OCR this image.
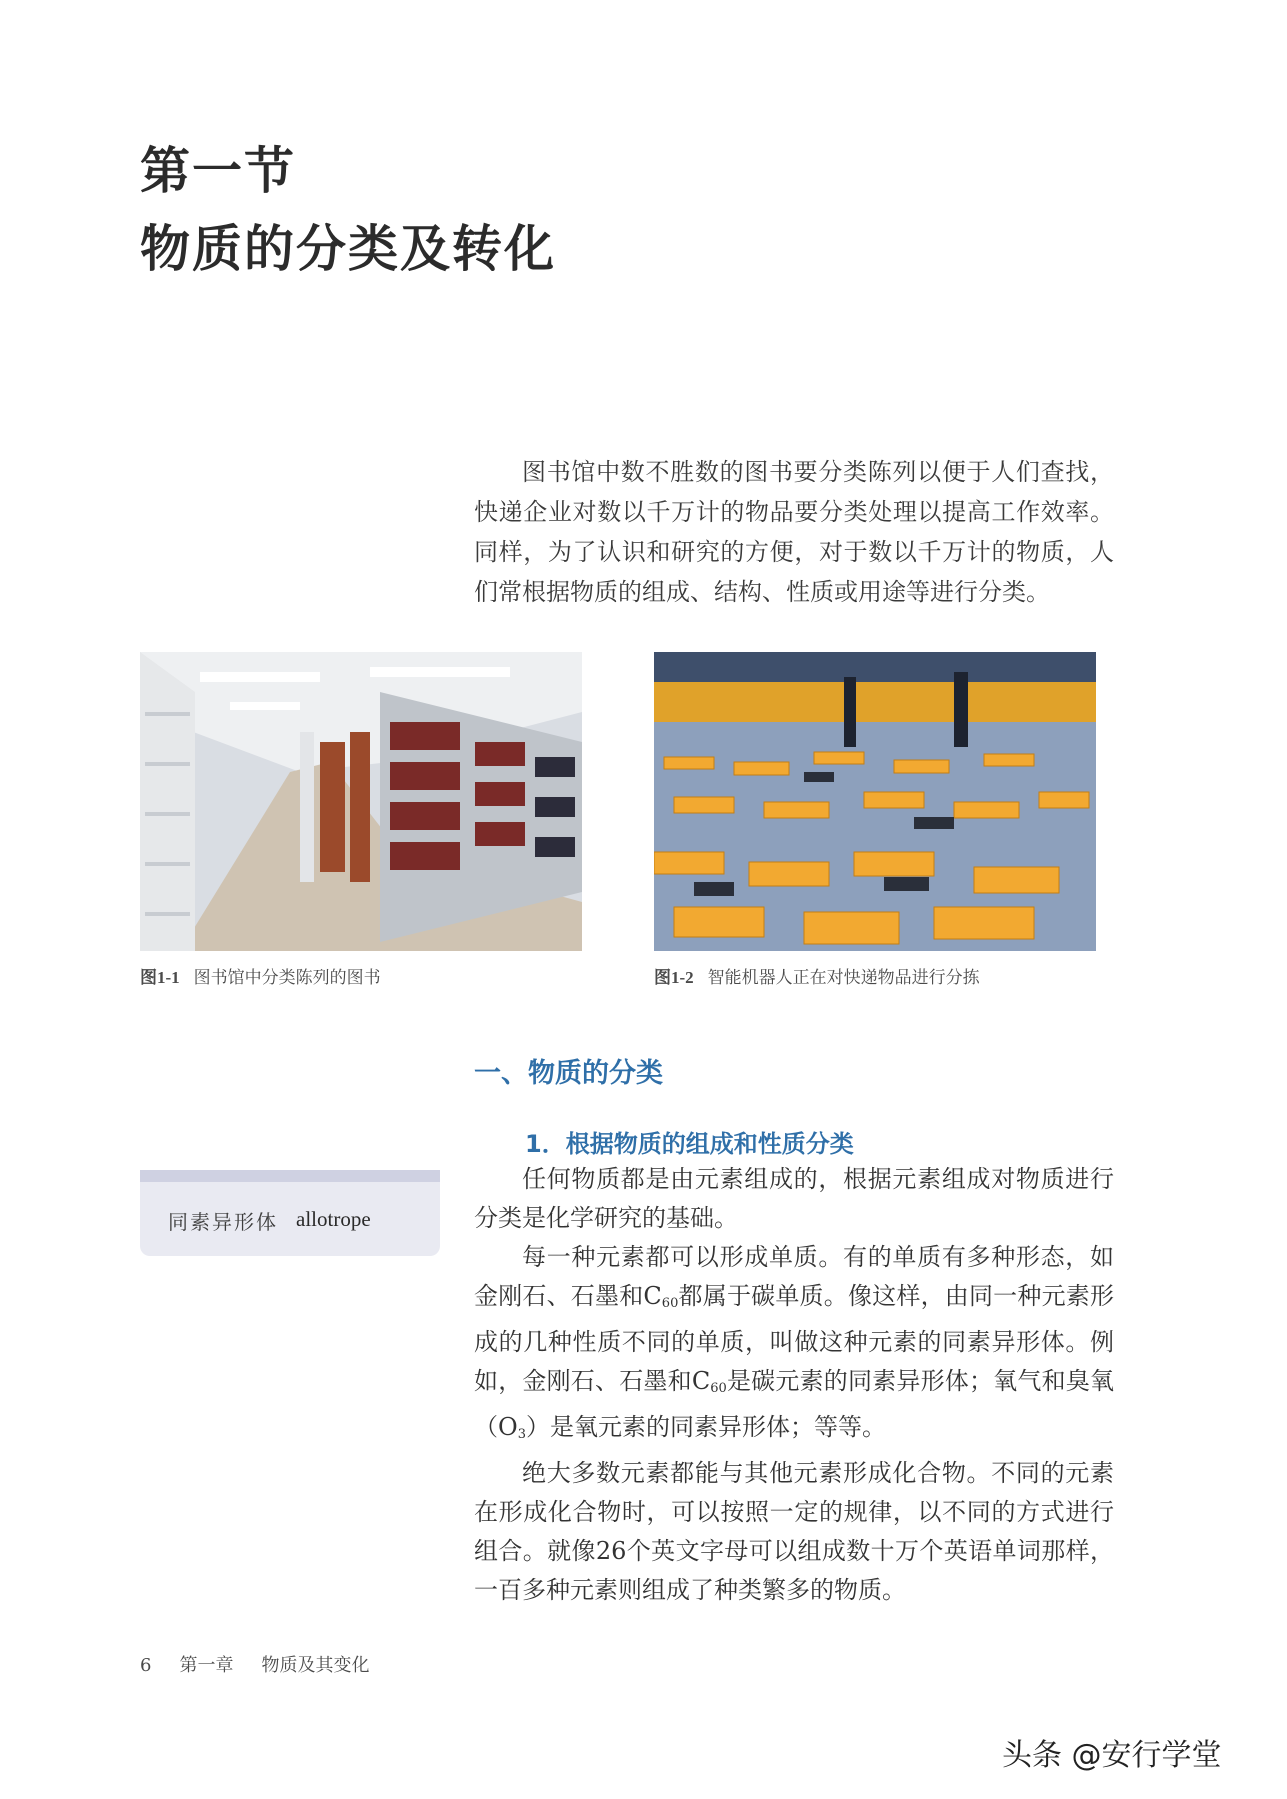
第一节
物质的分类及转化

图书馆中数不胜数的图书要分类陈列以便于人们查找，快递企业对数以千万计的物品要分类处理以提高工作效率。同样，为了认识和研究的方便，对于数以千万计的物质，人们常根据物质的组成、结构、性质或用途等进行分类。

图1-1 图书馆中分类陈列的图书	图1-2 智能机器人正在对快递物品进行分拣
一、物质的分类
1．根据物质的组成和性质分类
同素异形体 allotrope

任何物质都是由元素组成的，根据元素组成对物质进行分类是化学研究的基础。

每一种元素都可以形成单质。有的单质有多种形态，如金刚石、石墨和$C_{60}$都属于碳单质。像这样，由同一种元素形成的几种性质不同的单质，叫做这种元素的同素异形体。例如，金刚石、石墨和$C_{60}$是碳元素的同素异形体；氧气和臭氧$(O_3)$是氧元素的同素异形体；等等。

绝大多数元素都能与其他元素形成化合物。不同的元素在形成化合物时，可以按照一定的规律，以不同的方式进行组合。就像26个英文字母可以组成数十万个英语单词那样，一百多种元素则组成了种类繁多的物质。

6 第一章 物质及其变化
头条 @安行学堂
